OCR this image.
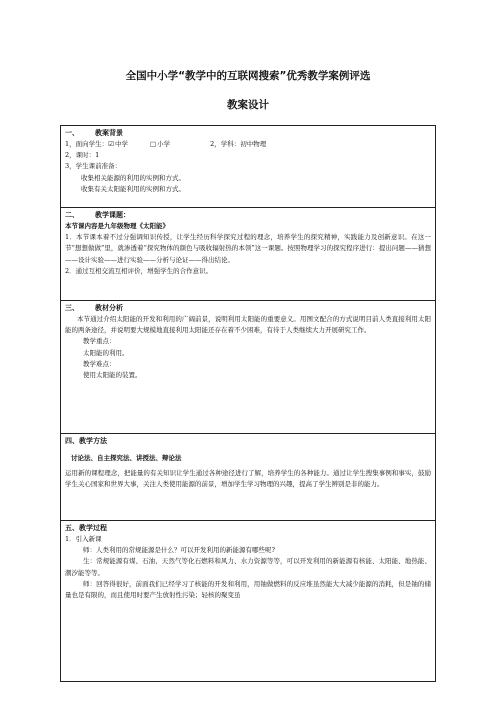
全国中小学“教学中的互联网搜索”优秀教学案例评选
教案设计
一、 教案背景
1，面向学生：☑中学	□小学	2，学科：初中物理
2，课时：1
3，学生课前准备：
收集相关能源的利用的实例和方式。
收集有关太阳能利用的实例和方式。
二、 教学课题：
本节课内容是九年级物理《太阳能》
1．本节课本着不过分强调知识传授，让学生经历科学探究过程的理念，培养学生的探究精神，实践能力及创新意识。在这一节“想想做做”里，就渗透着“探究物体的颜色与吸收辐射热的本领”这一课题。按照物理学习的探究程序进行：提出问题——猜想——设计实验——进行实验——分析与论证——得出结论。
2．通过互相交流互相评价，增强学生的合作意识。
三、 教材分析
本节通过介绍太阳能的开发和利用的广阔前景，说明利用太阳能的重要意义。用图文配合的方式说明目前人类直接利用太阳能的两条途径，并说明要大规模地直接利用太阳能还存在着不少困难，有待于人类继续大力开展研究工作。
教学重点：
太阳能的利用。
教学难点：
使用太阳能的装置。
四、教学方法
讨论法、自主探究法、讲授法、辩论法
运用新的课程理念，把能量的有关知识让学生通过各种途径进行了解，培养学生的各种能力。通过让学生搜集事例和事实，鼓励学生关心国家和世界大事，关注人类使用能源的前景，增加学生学习物理的兴趣，提高了学生辨别是非的能力。
五、教学过程
1．引入新课
师：人类利用的常规能源是什么？可以开发利用的新能源有哪些呢?
生：常规能源有煤、石油、天然气等化石燃料和风力、水力资源等等，可以开发利用的新能源有核能、太阳能、地热能、潮汐能等等。
师：回答得很好，前面我们已经学习了核能的开发和利用，用铀做燃料的反应堆虽然能大大减少能源的消耗，但是铀的储量也是有限的，而且使用时要产生放射性污染；轻核的聚变虽
